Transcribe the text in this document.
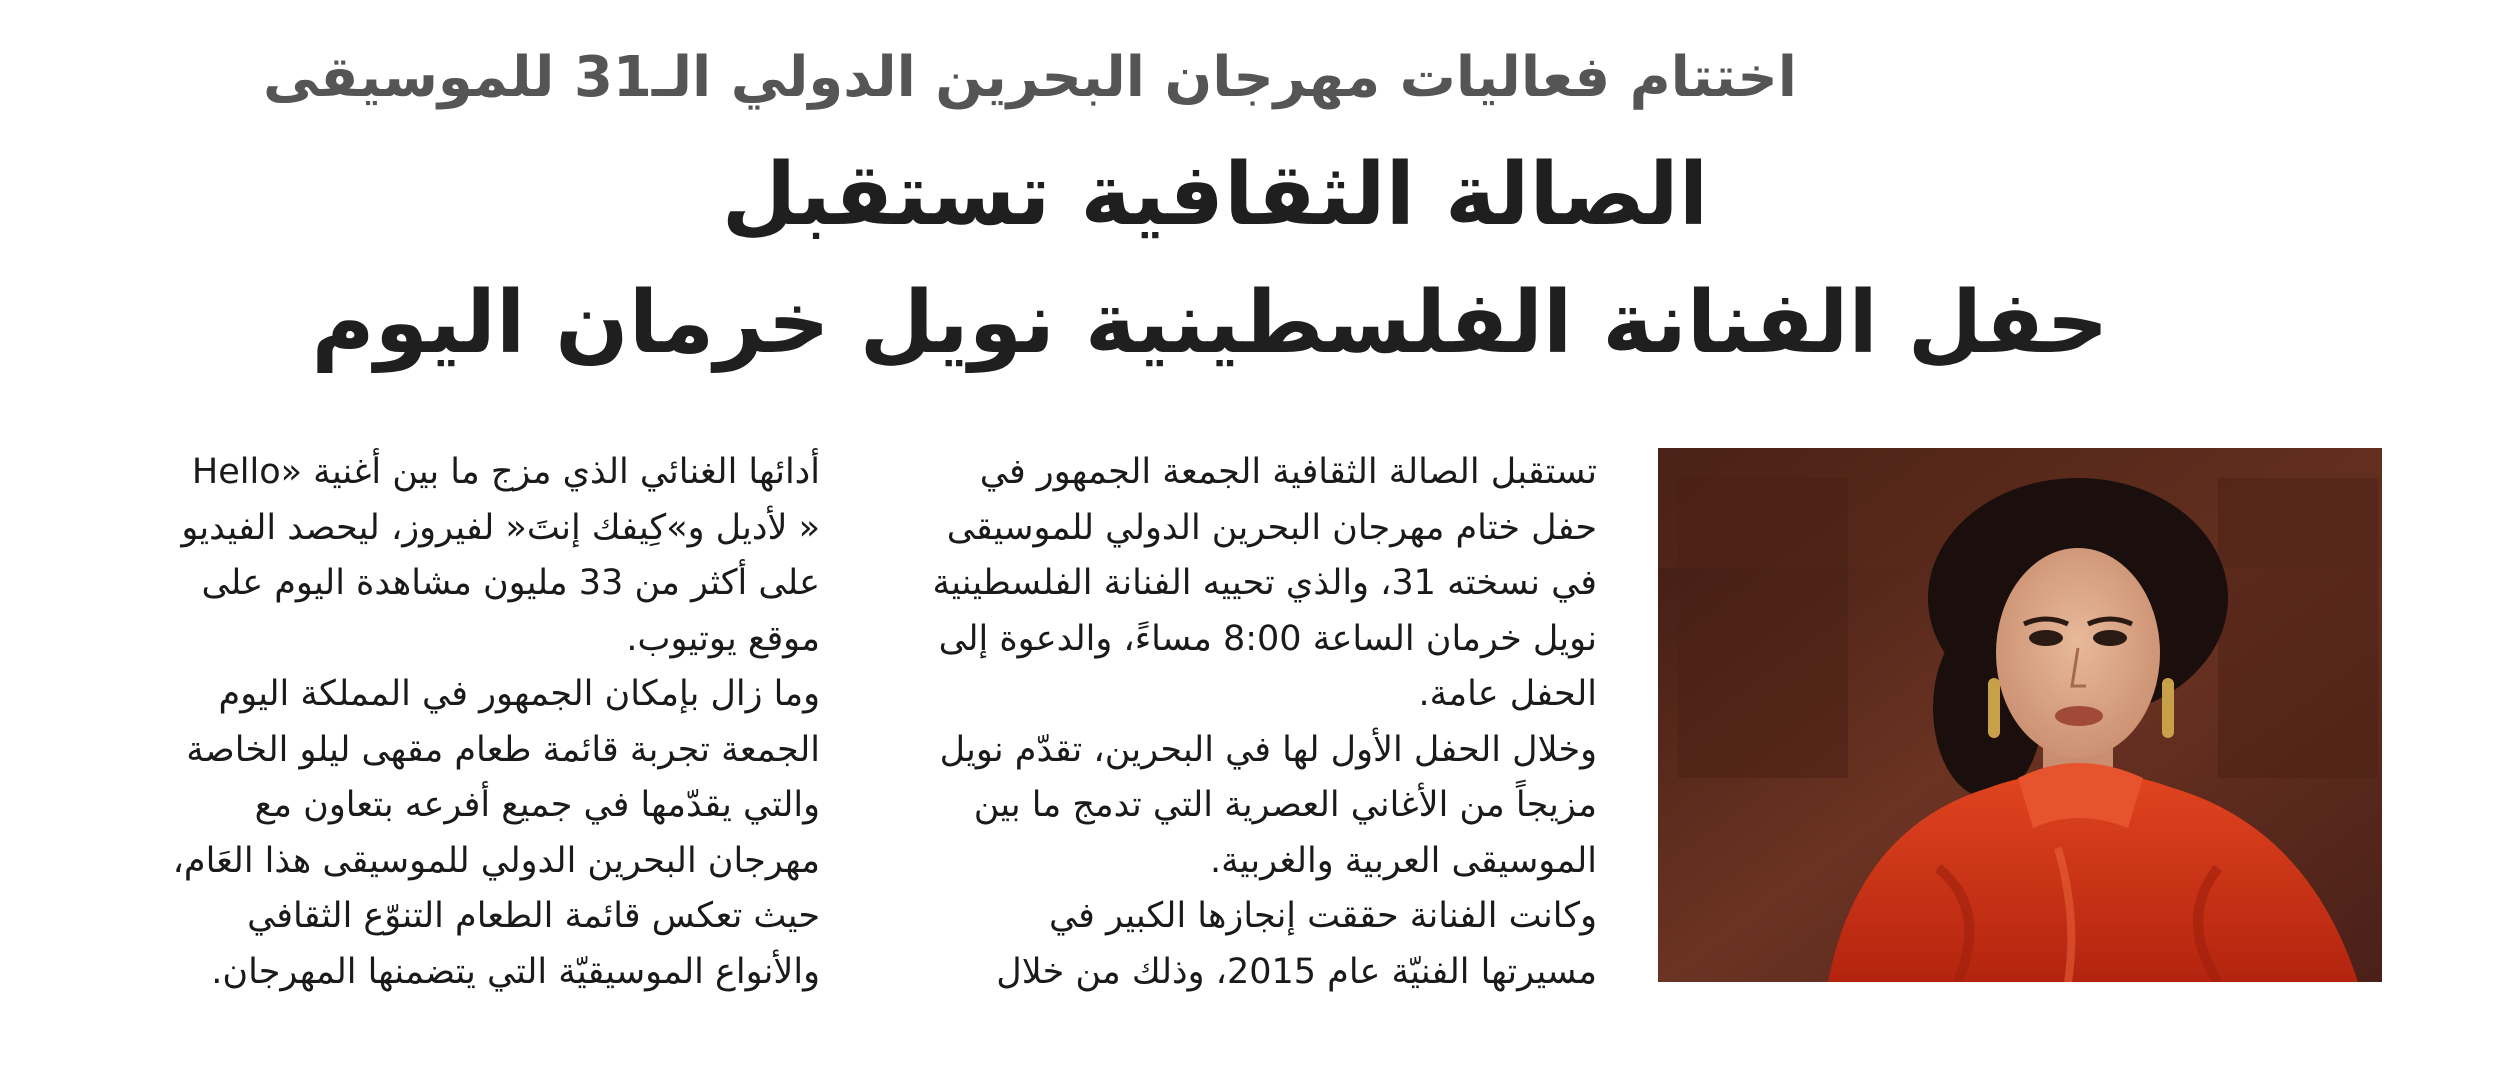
اختتام فعاليات مهرجان البحرين الدولي الـ31 للموسيقى
الصالة الثقافية تستقبل
حفل الفنانة الفلسطينية نويل خرمان اليوم
تستقبل الصالة الثقافية الجمعة الجمهور في
حفل ختام مهرجان البحرين الدولي للموسيقى
في نسخته 31، والذي تحييه الفنانة الفلسطينية
نويل خرمان الساعة 8:00 مساءً، والدعوة إلى
الحفل عامة.
وخلال الحفل الأول لها في البحرين، تقدّم نويل
مزيجاً من الأغاني العصرية التي تدمج ما بين
الموسيقى العربية والغربية.
وكانت الفنانة حققت إنجازها الكبير في
مسيرتها الفنيّة عام 2015، وذلك من خلال
أدائها الغنائي الذي مزج ما بين أغنية «Hello
« لأديل و»كِيفك إنتَ« لفيروز، ليحصد الفيديو
على أكثر من 33 مليون مشاهدة اليوم على
موقع يوتيوب.
وما زال بإمكان الجمهور في المملكة اليوم
الجمعة تجربة قائمة طعام مقهى ليلو الخاصة
والتي يقدّمها في جميع أفرعه بتعاون مع
مهرجان البحرين الدولي للموسيقى هذا العَام،
حيث تعكس قائمة الطعام التنوّع الثقافي
والأنواع الموسيقيّة التي يتضمنها المهرجان.
